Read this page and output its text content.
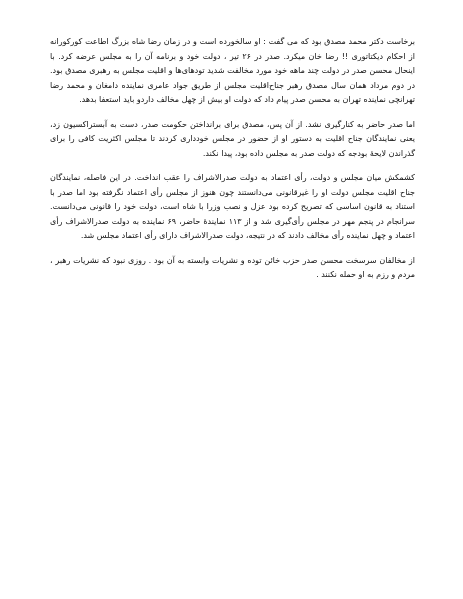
برخاست دکتر محمد مصدق بود که می گفت : او سالخورده است و در زمان رضا شاه بزرگ اطاعت کورکورانه از احکام دیکتاتوری !! رضا خان میکرد. صدر در ۲۶ تیر ، دولت خود و برنامه آن را به مجلس عرضه کرد. با اینحال محسن صدر در دولت چند ماهه خود مورد مخالفت شدید تودهای‌ها و اقلیت مجلس به رهبری مصدق بود. در دوم مرداد همان سال مصدق رهبر جناح‌اقلیت مجلس از طریق جواد عامری نماینده دامغان و محمد رضا تهرانچی نماینده تهران به محسن صدر پیام داد که دولت او بیش از چهل مخالف داردو باید استعفا بدهد.

اما صدر حاضر به کنارگیری نشد. از آن پس، مصدق برای برانداختن حکومت صدر، دست به آبستراکسیون زد، یعنی نمایندگان جناح اقلیت به دستور او از حضور در مجلس خودداری کردند تا مجلس اکثریت کافی را برای گذراندن لایحهٔ بودجه که دولت صدر به مجلس داده بود، پیدا نکند.

کشمکش میان مجلس و دولت، رأی اعتماد به دولت صدرالاشراف را عقب انداخت. در این فاصله، نمایندگان جناح اقلیت مجلس دولت او را غیرقانونی می‌دانستند چون هنوز از مجلس رأی اعتماد نگرفته بود اما صدر با استناد به قانون اساسی که تصریح کرده بود عزل و نصب وزرا با شاه است، دولت خود را قانونی می‌دانست. سرانجام در پنجم مهر در مجلس رأی‌گیری شد و از ۱۱۳ نمایندهٔ حاضر، ۶۹ نماینده به دولت صدرالاشراف رأی اعتماد و چهل نماینده رأی مخالف دادند که در نتیجه، دولت صدرالاشراف دارای رأی اعتماد مجلس شد.

از مخالفان سرسخت محسن صدر حزب خائن توده و نشریات وابسته به آن بود . روزی نبود که نشریات رهبر ، مردم و رزم به او حمله نکنند .
